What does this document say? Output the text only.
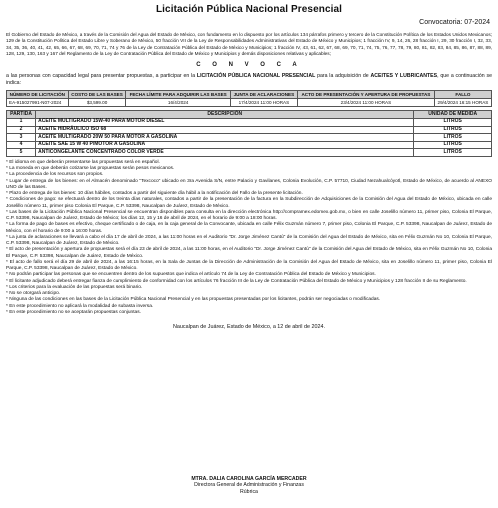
Licitación Pública Nacional Presencial
Convocatoria: 07-2024
El Gobierno del Estado de México, a través de la Comisión del Agua del Estado de México, con fundamento en lo dispuesto por los artículos 134 párrafos primero y tercero de la Constitución Política de los Estados Unidos Mexicanos; 129 de la Constitución Política del Estado Libre y Soberano de México, 50 fracción VII de la Ley de Responsabilidades Administrativas del Estado de México y Municipios; 1 fracción IV, 9, 14, 26, 28 fracción I, 29, 30 fracción I, 32, 33, 34, 35, 36, 40, 41, 42, 65, 66, 67, 68, 69, 70, 71, 74 y 76 de la Ley de Contratación Pública del Estado de México y Municipios; 1 fracción IV, 43, 61, 62, 67, 68, 69, 70, 71, 74, 75, 76, 77, 78, 79, 80, 81, 82, 83, 84, 85, 86, 87, 88, 89, 128, 129, 130, 163 y 167 del Reglamento de la Ley de Contratación Pública del Estado de México y Municipios y demás disposiciones relativas y aplicables;
C O N V O C A
a las personas con capacidad legal para presentar propuestas, a participar en la LICITACIÓN PÚBLICA NACIONAL PRESENCIAL para la adquisición de ACEITES Y LUBRICANTES, que a continuación se indica:
NÚMERO DE LICITACIÓN	COSTO DE LAS BASES	FECHA LÍMITE PARA ADQUIRIR LAS BASES	JUNTA DE ACLARACIONES	ACTO DE PRESENTACIÓN Y APERTURA DE PROPUESTAS	FALLO
EA-915027991-N07-2024	$3,599.00	16/4/2024	17/4/2024 11:00 HORAS	23/4/2024 11:00 HORAS	29/4/2024 16:15 HORAS
PARTIDA	DESCRIPCIÓN	UNIDAD DE MEDIDA
1	ACEITE MULTIGRADO 15W-40 PARA MOTOR DIESEL	LITROS
2	ACEITE HIDRÁULICO ISO 68	LITROS
3	ACEITE MULTIGRADO 20W 50 PARA MOTOR A GASOLINA	LITROS
4	ACEITE SAE 15 W 40 P/MOTOR A GASOLINA	LITROS
5	ANTICONGELANTE CONCENTRADO COLOR VERDE	LITROS

* El idioma en que deberán presentarse las propuestas será en español.

* La moneda en que deberán cotizarse las propuestas serán pesos mexicanos.

* La procedencia de los recursos son propios.

* Lugar de entrega de los bienes: en el Almacén denominado "Texcoco" ubicado en 3ra Avenida S/N, entre Palacio y Gavilanes, Colonia Evolución, C.P. 57710, Ciudad Nezahualcóyotl, Estado de México, de acuerdo al ANEXO UNO de las Bases.

* Plazo de entrega de los bienes: 10 días hábiles, contados a partir del siguiente día hábil a la notificación del Fallo de la presente licitación.

* Condiciones de pago: se efectuará dentro de los treinta días naturales, contados a partir de la presentación de la factura en la Subdirección de Adquisiciones de la Comisión del Agua del Estado de México, ubicada en calle Joselillo número 11, primer piso Colonia El Parque, C.P. 53398, Naucalpan de Juárez, Estado de México.

* Las bases de la Licitación Pública Nacional Presencial se encuentran disponibles para consulta en la dirección electrónica http://compramex.edomex.gob.mx, o bien en calle Joselillo número 11, primer piso, Colonia El Parque, C.P. 53398, Naucalpan de Juárez, Estado de México; los días 12, 15 y 16 de abril de 2024, en el horario de 9:00 a 18:00 horas.

* La forma de pago de bases es efectivo, cheque certificado o de caja, en la caja general de la Convocante, ubicada en calle Félix Guzmán número 7, primer piso, Colonia El Parque, C.P. 53398, Naucalpan de Juárez, Estado de México, con el horario de 9:00 a 16:00 horas.

* La junta de aclaraciones se llevará a cabo el día 17 de abril de 2024, a las 11:00 horas en el Auditorio "Dr. Jorge Jiménez Cantú" de la Comisión del Agua del Estado de México, sita en Félix Guzmán No 10, Colonia El Parque, C.P. 53398, Naucalpan de Juárez, Estado de México.

* El acto de presentación y apertura de propuestas será el día 23 de abril de 2024, a las 11:00 horas, en el Auditorio "Dr. Jorge Jiménez Cantú" de la Comisión del Agua del Estado de México, sita en Félix Guzmán No 10, Colonia El Parque, C.P. 53398, Naucalpan de Juárez, Estado de México.

* El acto de fallo será el día 29 de abril de 2024, a las 16:15 horas, en la Sala de Juntas de la Dirección de Administración de la Comisión del Agua del Estado de México, sita en Joselillo número 11, primer piso, Colonia El Parque, C.P. 53398, Naucalpan de Juárez, Estado de México.

* No podrán participar las personas que se encuentren dentro de los supuestos que indica el artículo 74 de la Ley de Contratación Pública del Estado de México y Municipios.

* El licitante adjudicado deberá entregar fianza de cumplimiento de conformidad con los artículos 76 fracción III de la Ley de Contratación Pública del Estado de México y Municipios y 128 fracción II de su Reglamento.

* Los criterios para la evaluación de las propuestas será binario.

* No se otorgará anticipo.

* Ninguna de las condiciones en las bases de la Licitación Pública Nacional Presencial y en las propuestas presentadas por los licitantes, podrán ser negociadas o modificadas.

* En este procedimiento no aplicará la modalidad de subasta inversa.

* En este procedimiento no se aceptarán propuestas conjuntas.

Naucalpan de Juárez, Estado de México, a 12 de abril de 2024.
MTRA. DALIA CAROLINA GARCÍA MERCADER
Directora General de Administración y Finanzas
Rúbrica
